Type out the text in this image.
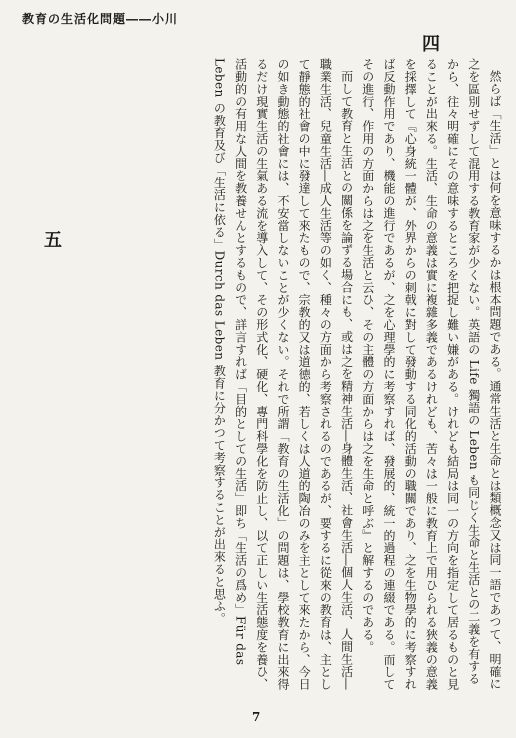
教育の生活化問題――小川
四
五	然らば「生活」とは何を意味するかは根本問題である。通常生活と生命とは類概念又は同一語であつて、明確に之を區別せずして混用する教育家が少くない。英語の Life 獨語の Leben も同じく生命と生活との二義を有するから、往々明確にその意味するところを把捉し難い嫌がある。けれども結局は同一の方向を指定して居るものと見ることが出來る。生活、生命の意義は實に複雜多義であるけれども、苦々は一般に教育上で用ひられる狹義の意義を採擇して『心身統一體が、外界からの刺戟に對して發動する同化的活動の職關であり、之を生物學的に考察すれば反動作用であり、機能の進行であるが、之を心理學的に考察すれば、發展的、統一的過程の連綴である。而してその進行、作用の方面からは之を生活と云ひ、その主體の方面からは之を生命と呼ぶ』と解するのである。

而して教育と生活との關係を論ずる場合にも、或は之を精神生活―身體生活、社會生活―個人生活、人間生活―職業生活、兒童生活―成人生活等の如く、種々の方面から考察されるのであるが、要するに從來の教育は、主として靜態的社會の中に發達して來たもので、宗教的又は道徳的、若しくは人道的陶冶のみを主として來たから、今日の如き動態的社會には、不安當しないことが少くない。それで所謂「教育の生活化」の問題は、學校教育に出來得るだけ現實生活の生氣ある流を導入して、その形式化、硬化、專門科學化を防止し、以て正しい生活態度を養ひ、活動的の有用な人間を教養せんとするもので、詳言すれば「目的としての生活」即ち「生活の爲め」Für das Leben の教育及び「生活に依る」Durch das Leben 教育に分かつて考察することが出來ると思ふ。

7
